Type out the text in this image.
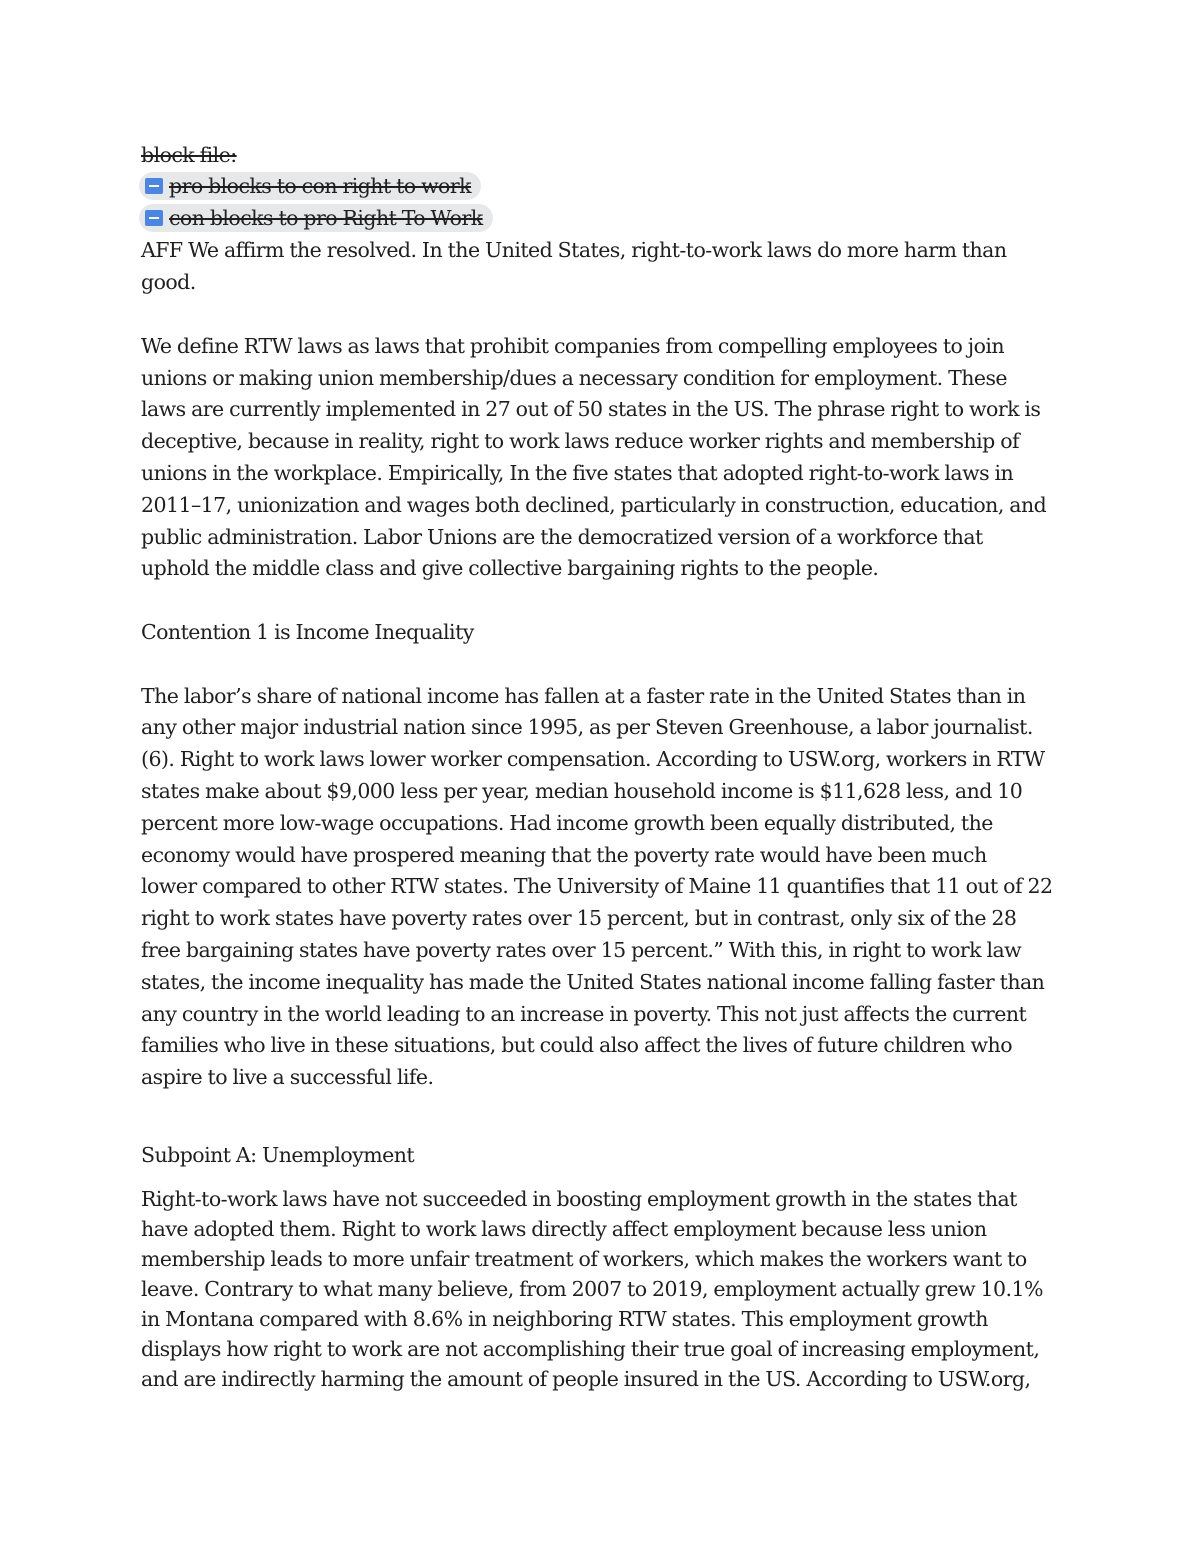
block file:
pro blocks to con right to work
con blocks to pro Right To Work
AFF We affirm the resolved. In the United States, right-to-work laws do more harm than
good.
We define RTW laws as laws that prohibit companies from compelling employees to join
unions or making union membership/dues a necessary condition for employment. These
laws are currently implemented in 27 out of 50 states in the US. The phrase right to work is
deceptive, because in reality, right to work laws reduce worker rights and membership of
unions in the workplace. Empirically, In the five states that adopted right-to-work laws in
2011–17, unionization and wages both declined, particularly in construction, education, and
public administration. Labor Unions are the democratized version of a workforce that
uphold the middle class and give collective bargaining rights to the people.
Contention 1 is Income Inequality
The labor’s share of national income has fallen at a faster rate in the United States than in
any other major industrial nation since 1995, as per Steven Greenhouse, a labor journalist.
(6). Right to work laws lower worker compensation. According to USW.org, workers in RTW
states make about $9,000 less per year, median household income is $11,628 less, and 10
percent more low-wage occupations. Had income growth been equally distributed, the
economy would have prospered meaning that the poverty rate would have been much
lower compared to other RTW states. The University of Maine 11 quantifies that 11 out of 22
right to work states have poverty rates over 15 percent, but in contrast, only six of the 28
free bargaining states have poverty rates over 15 percent.” With this, in right to work law
states, the income inequality has made the United States national income falling faster than
any country in the world leading to an increase in poverty. This not just affects the current
families who live in these situations, but could also affect the lives of future children who
aspire to live a successful life.
Subpoint A: Unemployment
Right-to-work laws have not succeeded in boosting employment growth in the states that
have adopted them. Right to work laws directly affect employment because less union
membership leads to more unfair treatment of workers, which makes the workers want to
leave. Contrary to what many believe, from 2007 to 2019, employment actually grew 10.1%
in Montana compared with 8.6% in neighboring RTW states. This employment growth
displays how right to work are not accomplishing their true goal of increasing employment,
and are indirectly harming the amount of people insured in the US. According to USW.org,
